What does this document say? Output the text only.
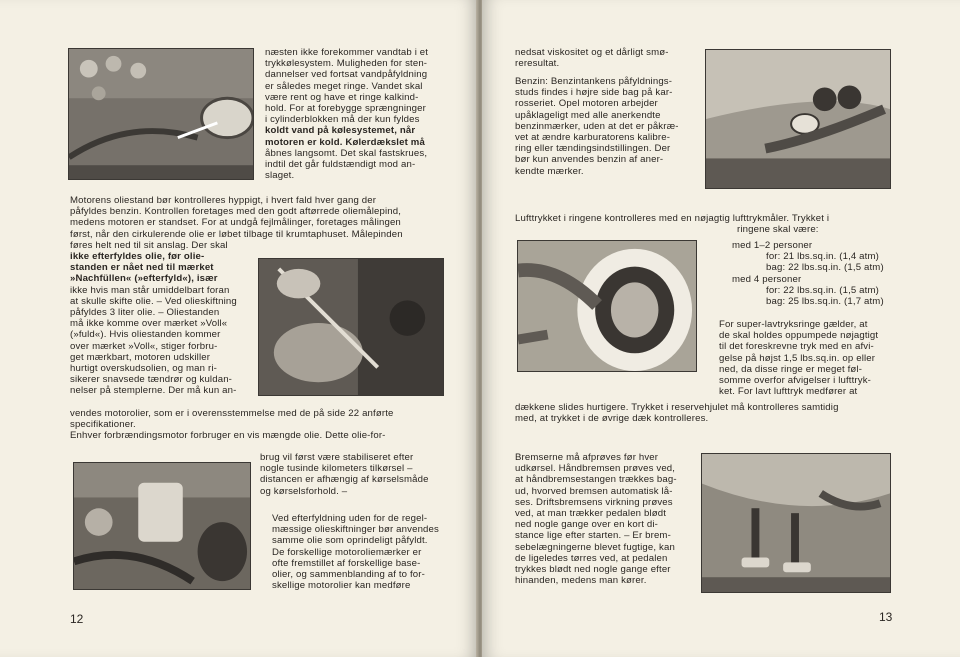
næsten ikke forekommer vandtab i et
trykkølesystem. Muligheden for sten-
dannelser ved fortsat vandpåfyldning
er således meget ringe. Vandet skal
være rent og have et ringe kalkind-
hold. For at forebygge sprængninger
i cylinderblokken må der kun fyldes
koldt vand på kølesystemet, når
motoren er kold. Kølerdækslet må
åbnes langsomt. Det skal fastskrues,
indtil det går fuldstændigt mod an-
slaget.
Motorens oliestand bør kontrolleres hyppigt, i hvert fald hver gang der
påfyldes benzin. Kontrollen foretages med den godt aftørrede oliemålepind,
medens motoren er standset. For at undgå fejlmålinger, foretages målingen
først, når den cirkulerende olie er løbet tilbage til krumtaphuset. Målepinden
føres helt ned til sit anslag. Der skal
ikke efterfyldes olie, før olie-
standen er nået ned til mærket
»Nachfüllen« (»efterfyld«), især
ikke hvis man står umiddelbart foran
at skulle skifte olie. – Ved olieskiftning
påfyldes 3 liter olie. – Oliestanden
må ikke komme over mærket »Voll«
(»fuld«). Hvis oliestanden kommer
over mærket »Voll«, stiger forbru-
get mærkbart, motoren udskiller
hurtigt overskudsolien, og man ri-
sikerer snavsede tændrør og kuldan-
nelser på stemplerne. Der må kun an-
vendes motorolier, som er i overensstemmelse med de på side 22 anførte
specifikationer.
Enhver forbrændingsmotor forbruger en vis mængde olie. Dette olie-for-
brug vil først være stabiliseret efter
nogle tusinde kilometers tilkørsel –
distancen er afhængig af kørselsmåde
og kørselsforhold. –
Ved efterfyldning uden for de regel-
mæssige olieskiftninger bør anvendes
samme olie som oprindeligt påfyldt.
De forskellige motoroliemærker er
ofte fremstillet af forskellige base-
olier, og sammenblanding af to for-
skellige motorolier kan medføre
12
nedsat viskositet og et dårligt smø-
reresultat.
Benzin: Benzintankens påfyldnings-
studs findes i højre side bag på kar-
rosseriet. Opel motoren arbejder
upåklageligt med alle anerkendte
benzinmærker, uden at det er påkræ-
vet at ændre karburatorens kalibre-
ring eller tændingsindstillingen. Der
bør kun anvendes benzin af aner-
kendte mærker.
Lufttrykket i ringene kontrolleres med en nøjagtig lufttrykmåler. Trykket i
ringene skal være:
med 1–2 personer
for: 21 lbs.sq.in. (1,4 atm)
bag: 22 lbs.sq.in. (1,5 atm)
med 4 personer
for: 22 lbs.sq.in. (1,5 atm)
bag: 25 lbs.sq.in. (1,7 atm)
For super-lavtryksringe gælder, at
de skal holdes oppumpede nøjagtigt
til det foreskrevne tryk med en afvi-
gelse på højst 1,5 lbs.sq.in. op eller
ned, da disse ringe er meget føl-
somme overfor afvigelser i lufttryk-
ket. For lavt lufttryk medfører at
dækkene slides hurtigere. Trykket i reservehjulet må kontrolleres samtidig
med, at trykket i de øvrige dæk kontrolleres.
Bremserne må afprøves før hver
udkørsel. Håndbremsen prøves ved,
at håndbremsestangen trækkes bag-
ud, hvorved bremsen automatisk lå-
ses. Driftsbremsens virkning prøves
ved, at man trækker pedalen blødt
ned nogle gange over en kort di-
stance lige efter starten. – Er brem-
sebelægningerne blevet fugtige, kan
de ligeledes tørres ved, at pedalen
trykkes blødt ned nogle gange efter
hinanden, medens man kører.
13
